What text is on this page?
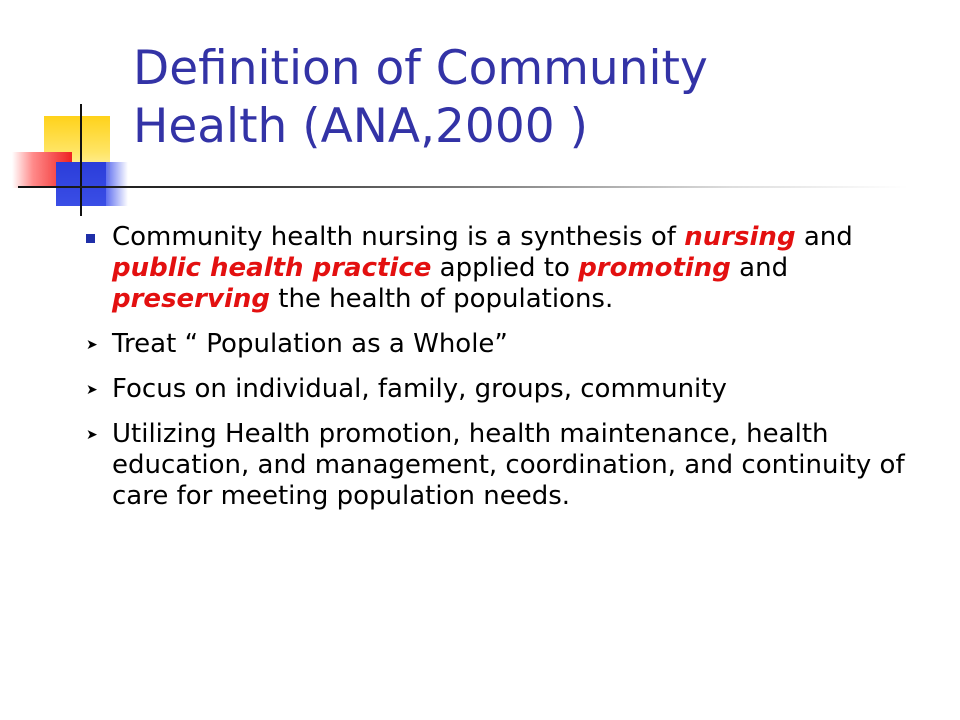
Definition of Community
Health (ANA,2000 )
Community health nursing is a synthesis of nursing and public health practice applied to promoting and preserving the health of populations.
➤ Treat “ Population as a Whole”
➤ Focus on individual, family, groups, community
➤ Utilizing Health promotion, health maintenance, health education, and management, coordination, and continuity of care for meeting population needs.
